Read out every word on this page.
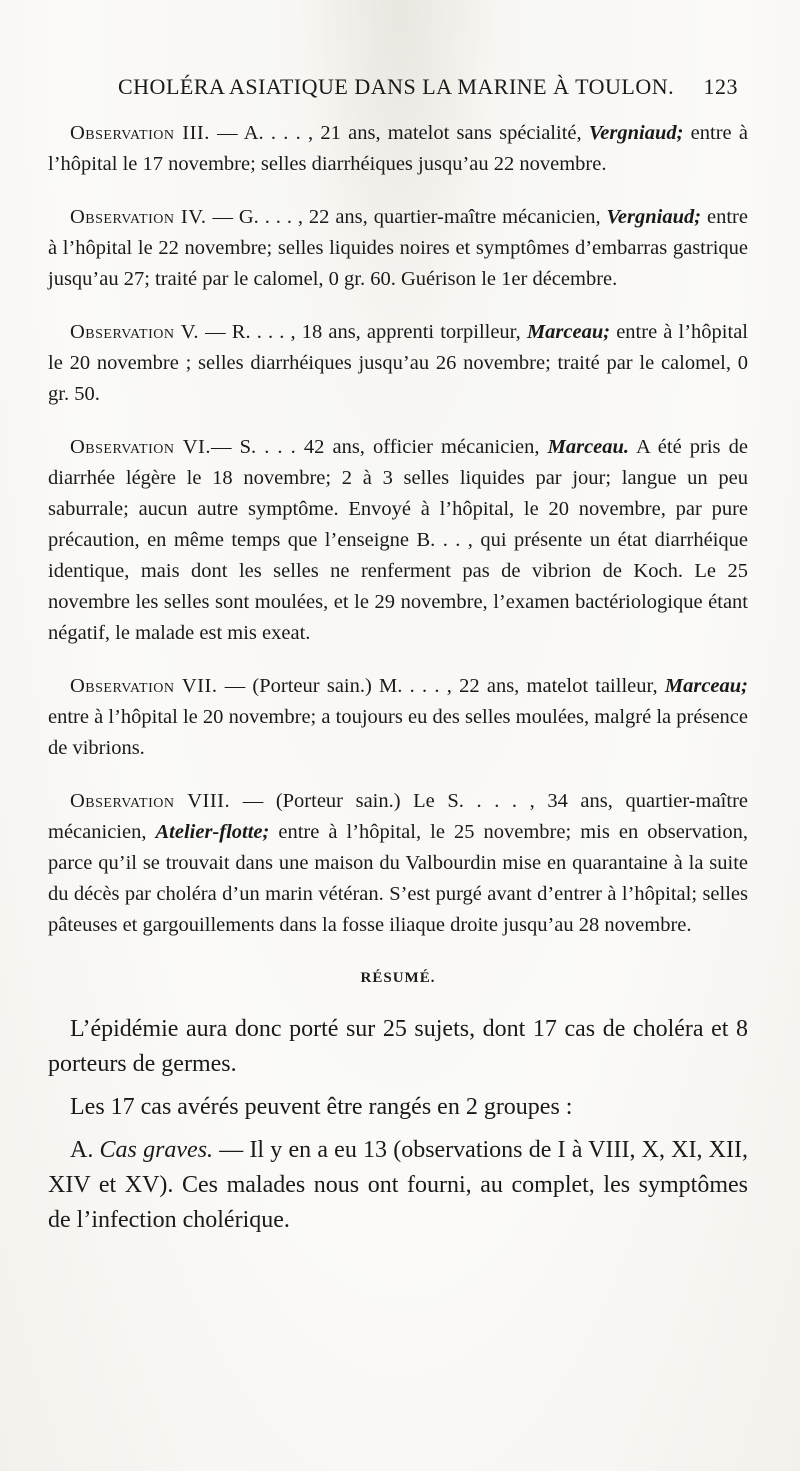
CHOLÉRA ASIATIQUE DANS LA MARINE À TOULON. 123

Observation III. — A. . . . , 21 ans, matelot sans spécialité, Vergniaud; entre à l’hôpital le 17 novembre; selles diarrhéiques jusqu’au 22 novembre.

Observation IV. — G. . . . , 22 ans, quartier-maître mécanicien, Vergniaud; entre à l’hôpital le 22 novembre; selles liquides noires et symptômes d’embarras gastrique jusqu’au 27; traité par le calomel, 0 gr. 60. Guérison le 1er décembre.

Observation V. — R. . . . , 18 ans, apprenti torpilleur, Marceau; entre à l’hôpital le 20 novembre ; selles diarrhéiques jusqu’au 26 novembre; traité par le calomel, 0 gr. 50.

Observation VI.— S. . . . 42 ans, officier mécanicien, Marceau. A été pris de diarrhée légère le 18 novembre; 2 à 3 selles liquides par jour; langue un peu saburrale; aucun autre symptôme. Envoyé à l’hôpital, le 20 novembre, par pure précaution, en même temps que l’enseigne B. . . , qui présente un état diarrhéique identique, mais dont les selles ne renferment pas de vibrion de Koch. Le 25 novembre les selles sont moulées, et le 29 novembre, l’examen bactériologique étant négatif, le malade est mis exeat.

Observation VII. — (Porteur sain.) M. . . . , 22 ans, matelot tailleur, Marceau; entre à l’hôpital le 20 novembre; a toujours eu des selles moulées, malgré la présence de vibrions.

Observation VIII. — (Porteur sain.) Le S. . . . , 34 ans, quartier-maître mécanicien, Atelier-flotte; entre à l’hôpital, le 25 novembre; mis en observation, parce qu’il se trouvait dans une maison du Valbourdin mise en quarantaine à la suite du décès par choléra d’un marin vétéran. S’est purgé avant d’entrer à l’hôpital; selles pâteuses et gargouillements dans la fosse iliaque droite jusqu’au 28 novembre.

RÉSUMÉ.

L’épidémie aura donc porté sur 25 sujets, dont 17 cas de choléra et 8 porteurs de germes.

Les 17 cas avérés peuvent être rangés en 2 groupes :

A. Cas graves. — Il y en a eu 13 (observations de I à VIII, X, XI, XII, XIV et XV). Ces malades nous ont fourni, au complet, les symptômes de l’infection cholérique.
